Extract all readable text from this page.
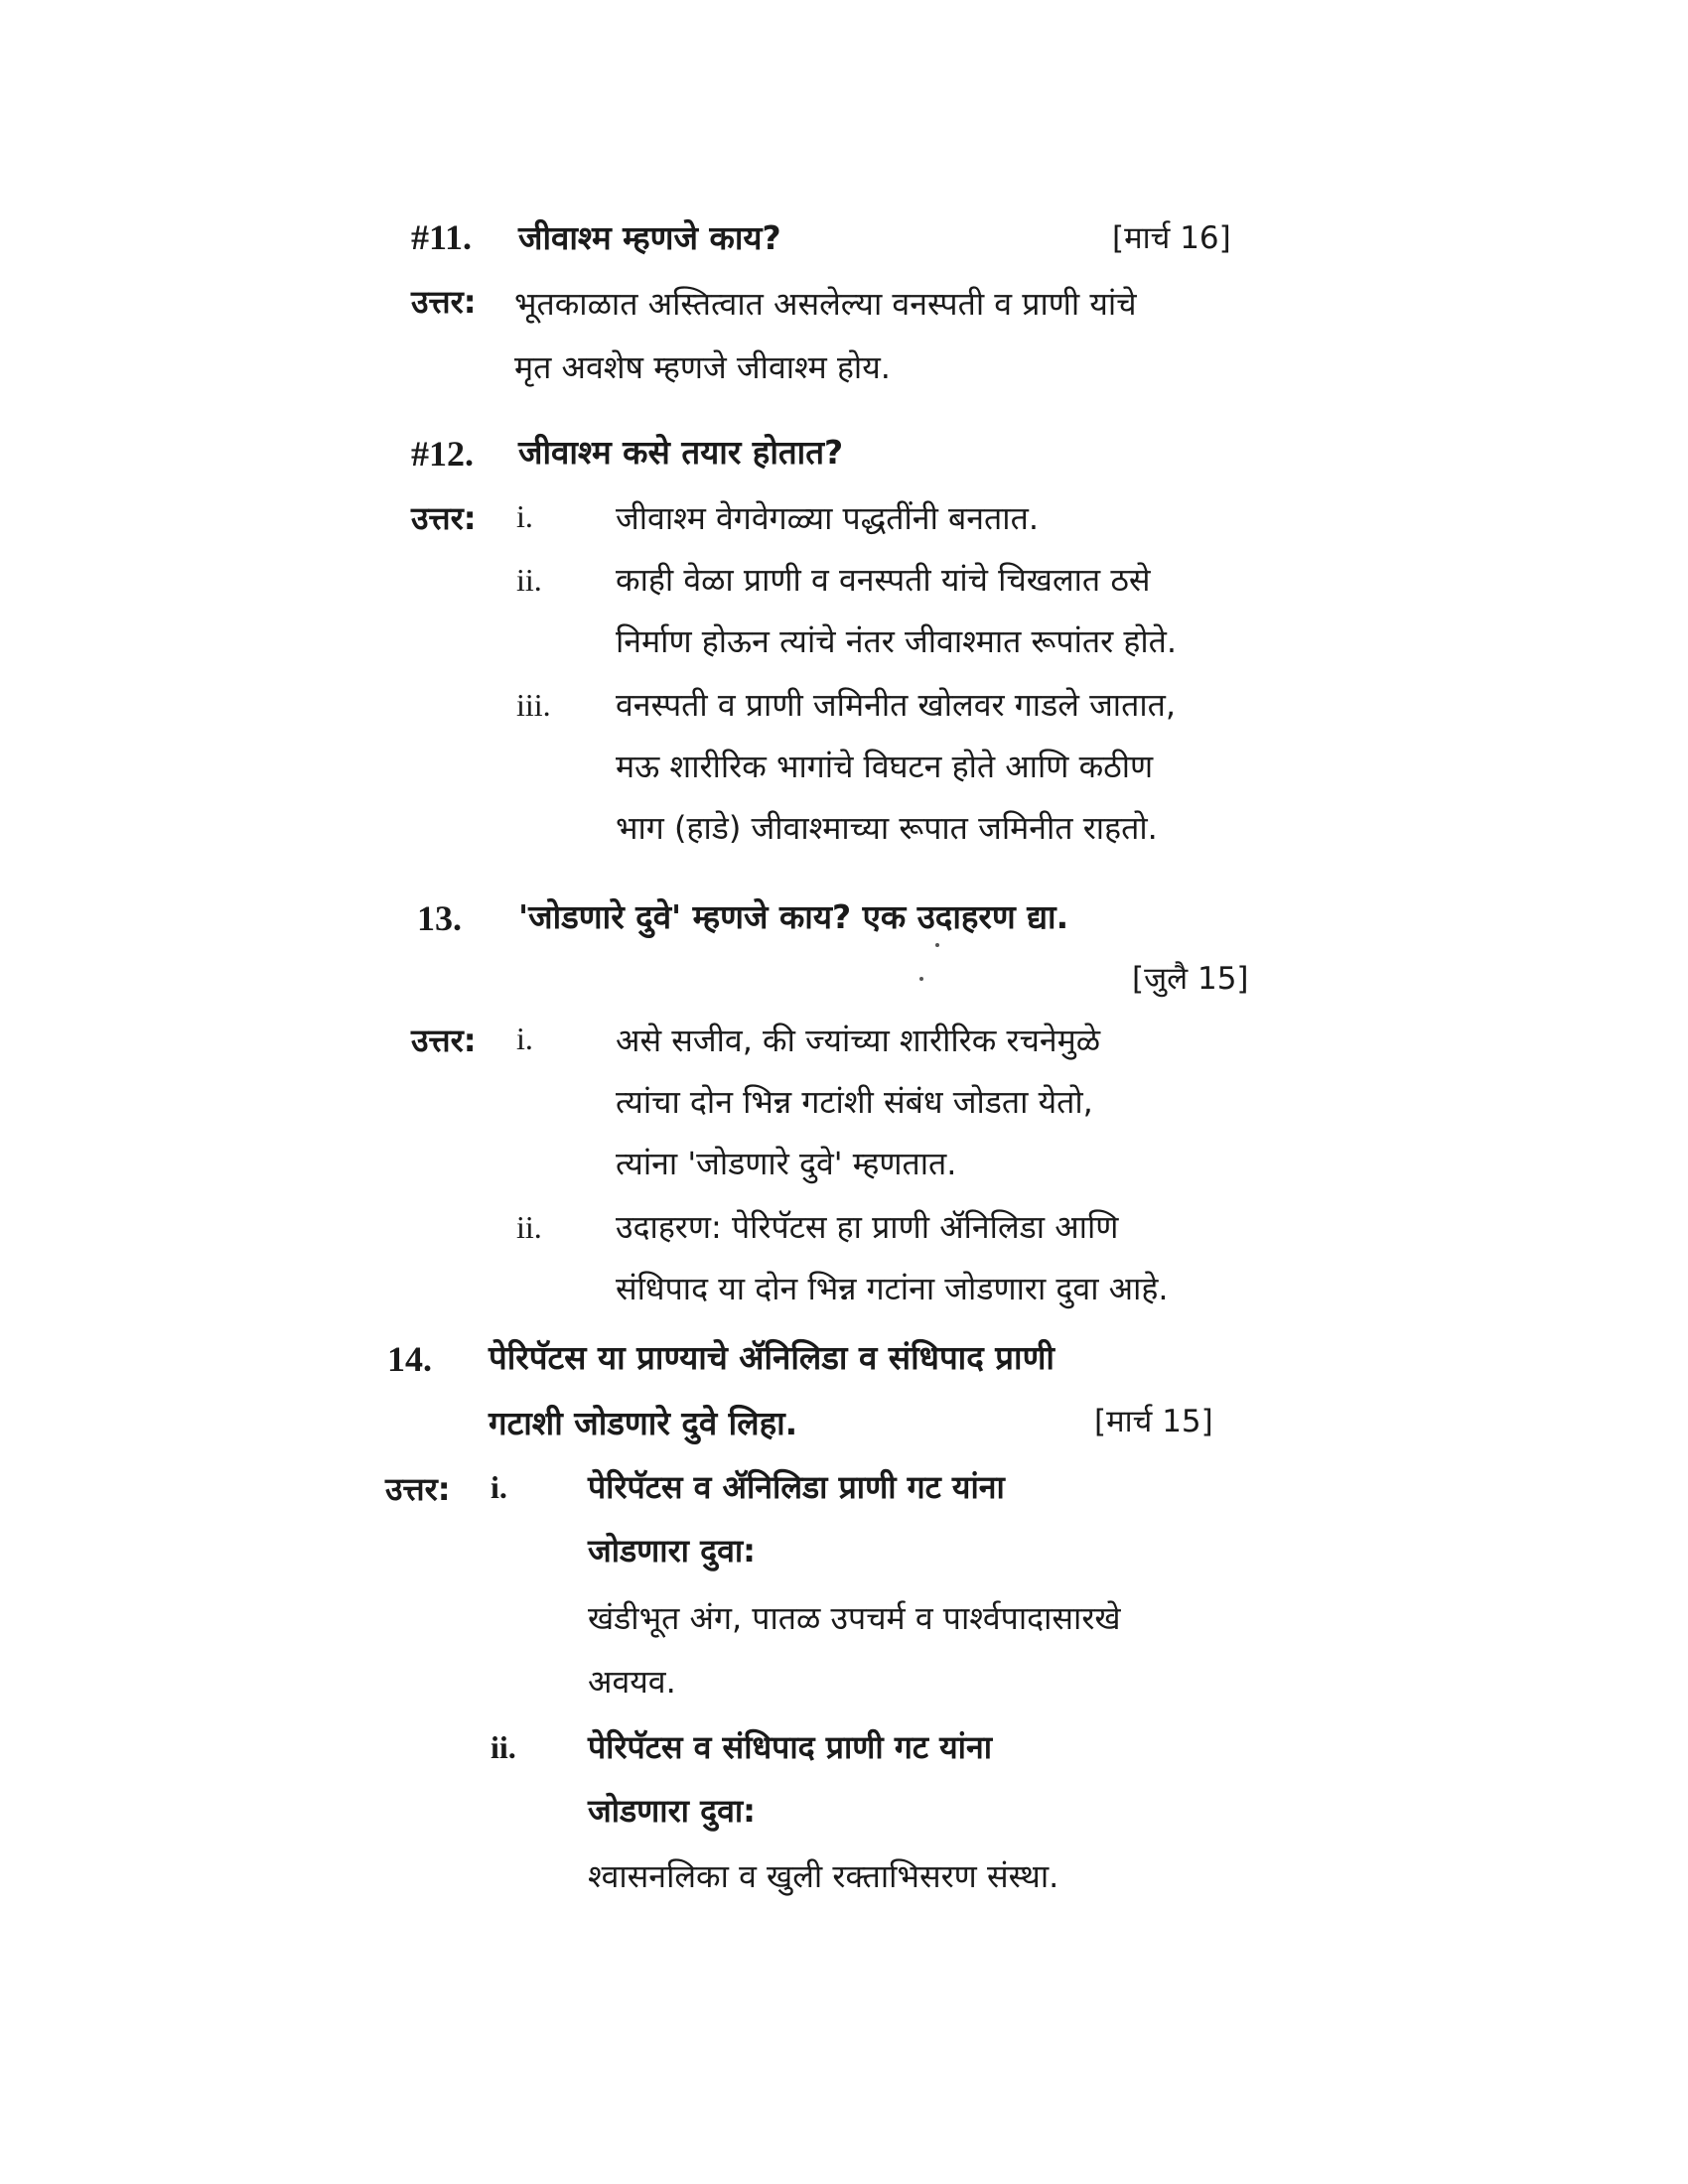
#11. जीवाश्म म्हणजे काय?	[मार्च 16]
उत्तर: भूतकाळात अस्तित्वात असलेल्या वनस्पती व प्राणी यांचे
मृत अवशेष म्हणजे जीवाश्म होय.
#12. जीवाश्म कसे तयार होतात?
उत्तर: i.	जीवाश्म वेगवेगळ्या पद्धतींनी बनतात.
ii. काही वेळा प्राणी व वनस्पती यांचे चिखलात ठसे
निर्माण होऊन त्यांचे नंतर जीवाश्मात रूपांतर होते.
iii. वनस्पती व प्राणी जमिनीत खोलवर गाडले जातात,
मऊ शारीरिक भागांचे विघटन होते आणि कठीण
भाग (हाडे) जीवाश्माच्या रूपात जमिनीत राहतो.
13. 'जोडणारे दुवे' म्हणजे काय? एक उदाहरण द्या.
[जुलै 15]
उत्तर: i.	असे सजीव, की ज्यांच्या शारीरिक रचनेमुळे
त्यांचा दोन भिन्न गटांशी संबंध जोडता येतो,
त्यांना 'जोडणारे दुवे' म्हणतात.
ii. उदाहरण: पेरिपॅटस हा प्राणी ॲनिलिडा आणि
संधिपाद या दोन भिन्न गटांना जोडणारा दुवा आहे.
14. पेरिपॅटस या प्राण्याचे ॲनिलिडा व संधिपाद प्राणी
गटाशी जोडणारे दुवे लिहा.	[मार्च 15]
उत्तर: i.	पेरिपॅटस व ॲनिलिडा प्राणी गट यांना
जोडणारा दुवा:
खंडीभूत अंग, पातळ उपचर्म व पार्श्वपादासारखे
अवयव.
ii. पेरिपॅटस व संधिपाद प्राणी गट यांना
जोडणारा दुवा:
श्वासनलिका व खुली रक्ताभिसरण संस्था.
